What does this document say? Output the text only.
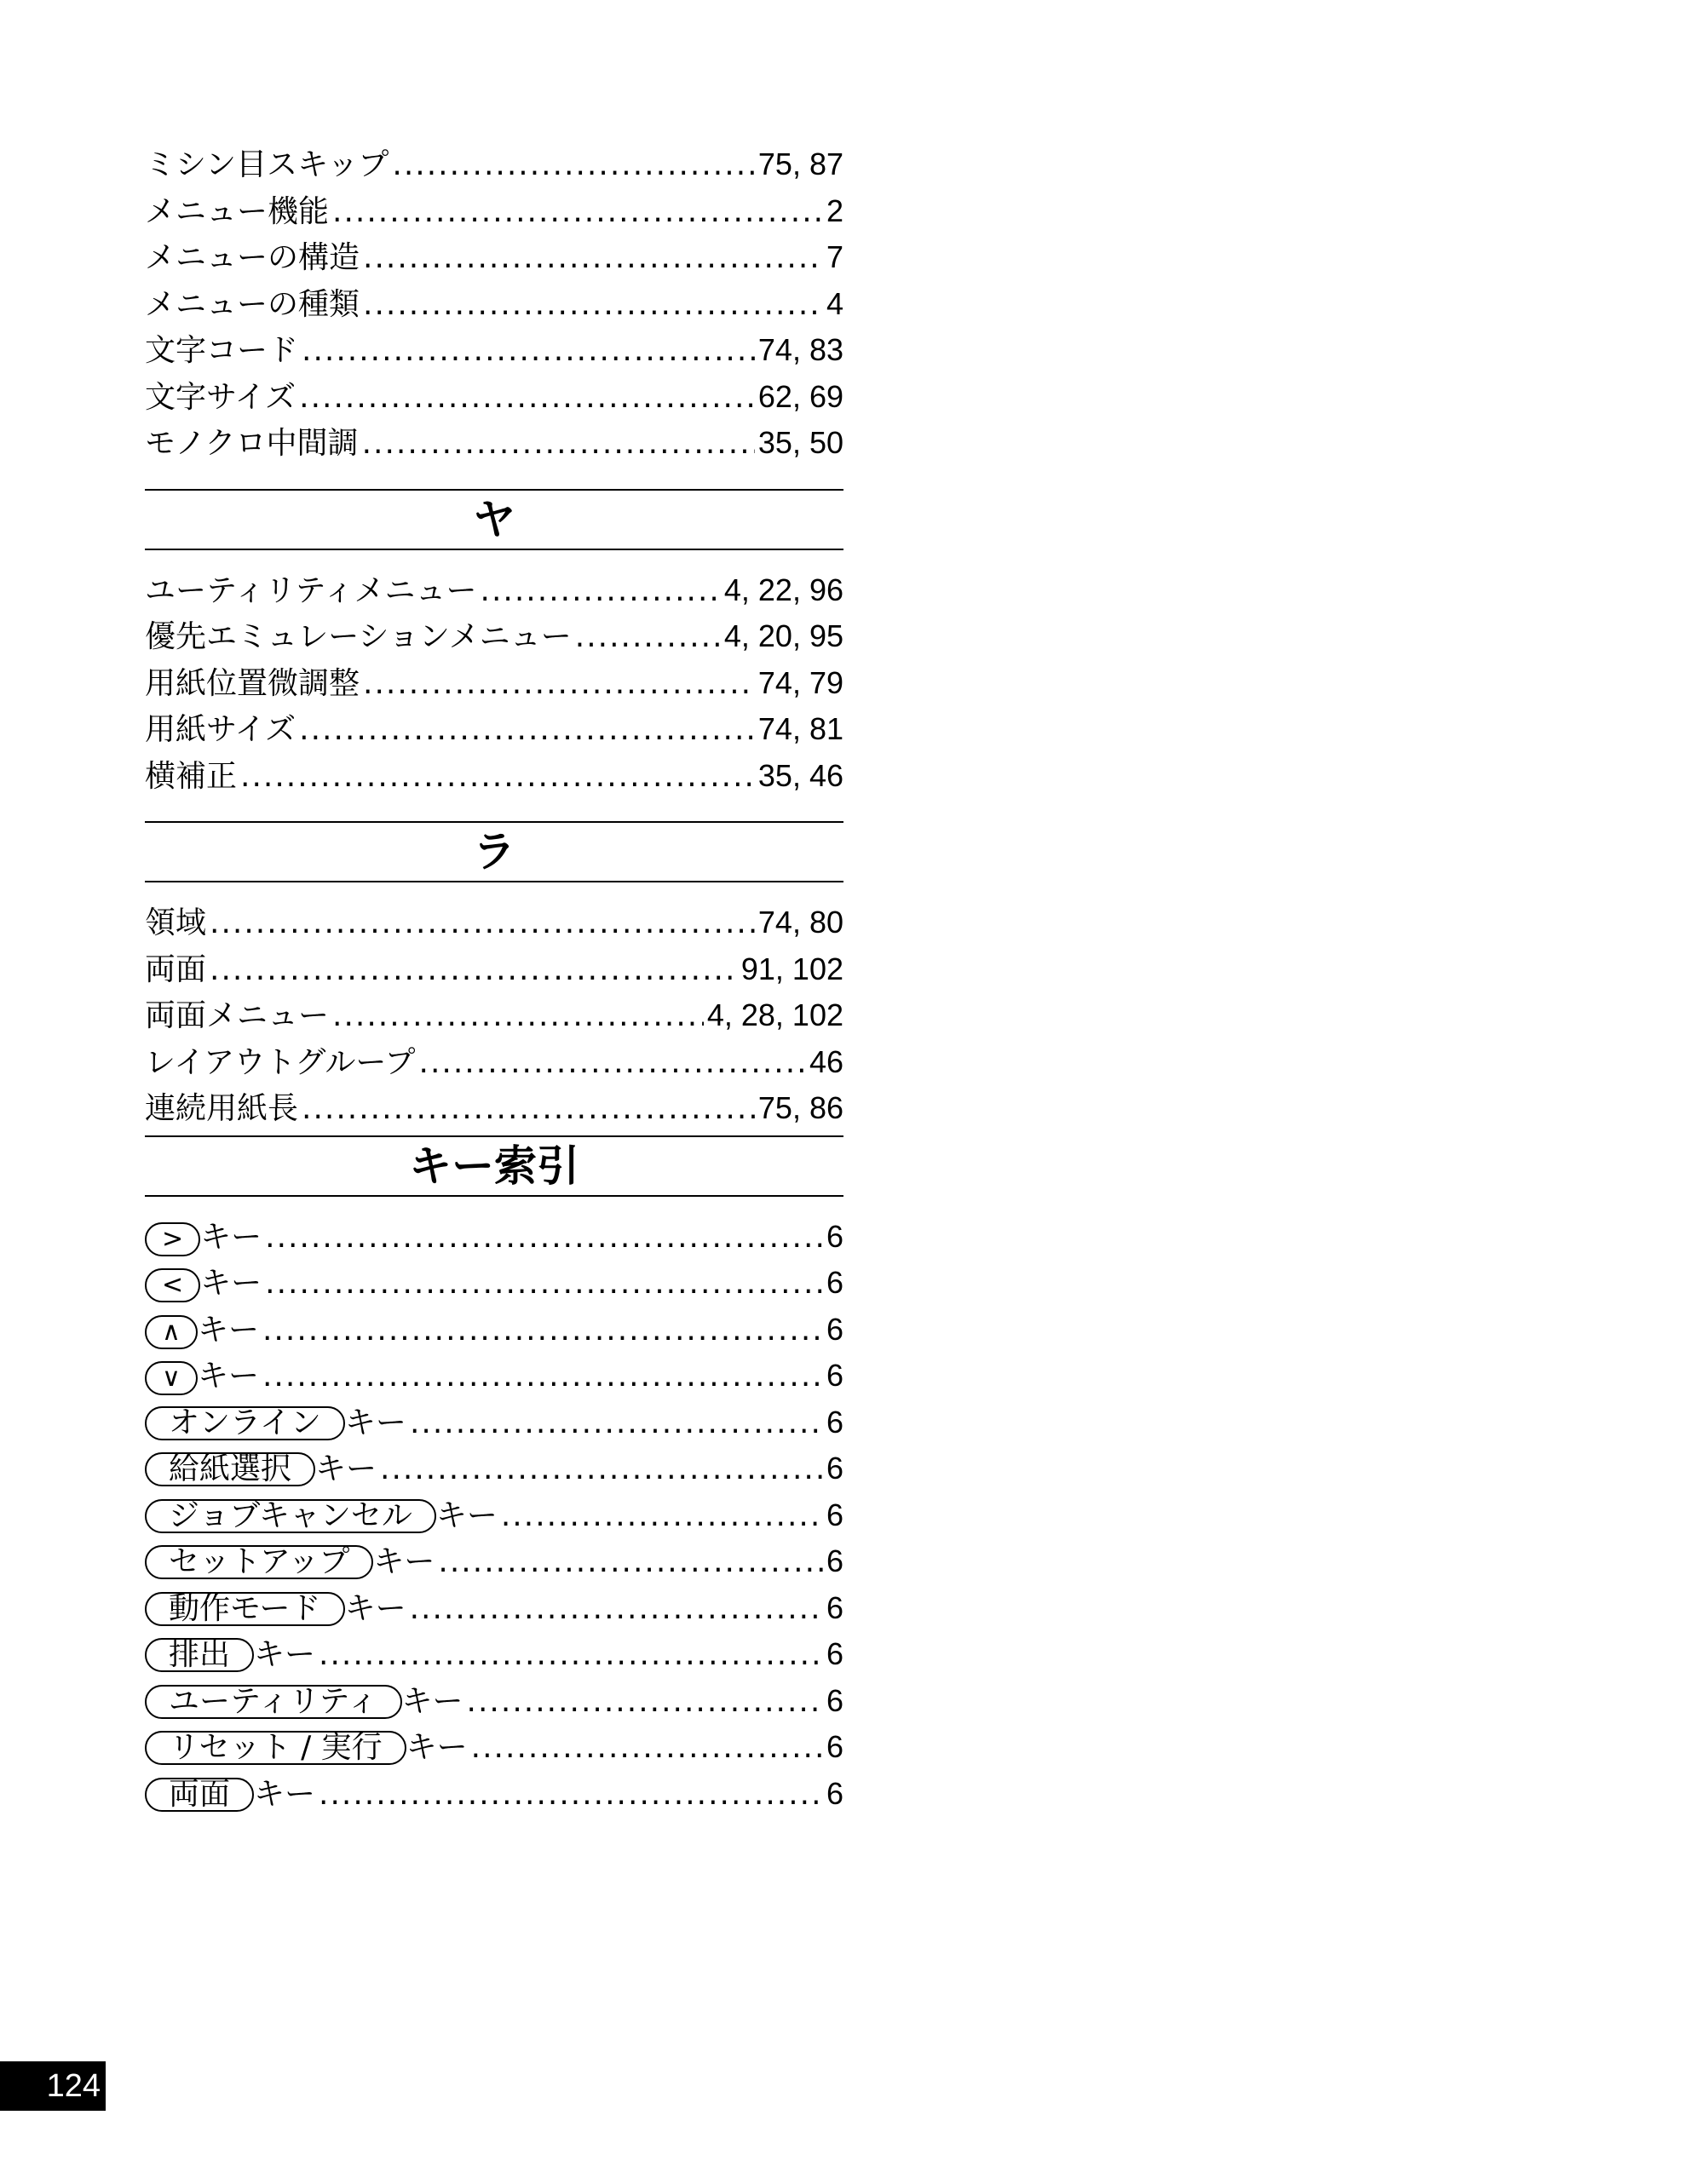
ミシン目スキップ .....	75, 87
メニュー機能 .....	2
メニューの構造 .....	7
メニューの種類 .....	4
文字コード .....	74, 83
文字サイズ .....	62, 69
モノクロ中間調 .....	35, 50
ヤ
ユーティリティメニュー .....	4, 22, 96
優先エミュレーションメニュー .....	4, 20, 95
用紙位置微調整 .....	74, 79
用紙サイズ .....	74, 81
横補正 .....	35, 46
ラ
領域 .....	74, 80
両面 .....	91, 102
両面メニュー .....	4, 28, 102
レイアウトグループ .....	46
連続用紙長 .....	75, 86
キー索引
> キー .....	6
< キー .....	6
∧ キー .....	6
∨ キー .....	6
オンライン キー .....	6
給紙選択 キー .....	6
ジョブキャンセル キー .....	6
セットアップ キー .....	6
動作モード キー .....	6
排出 キー .....	6
ユーティリティ キー .....	6
リセット / 実行 キー .....	6
両面 キー .....	6
124
